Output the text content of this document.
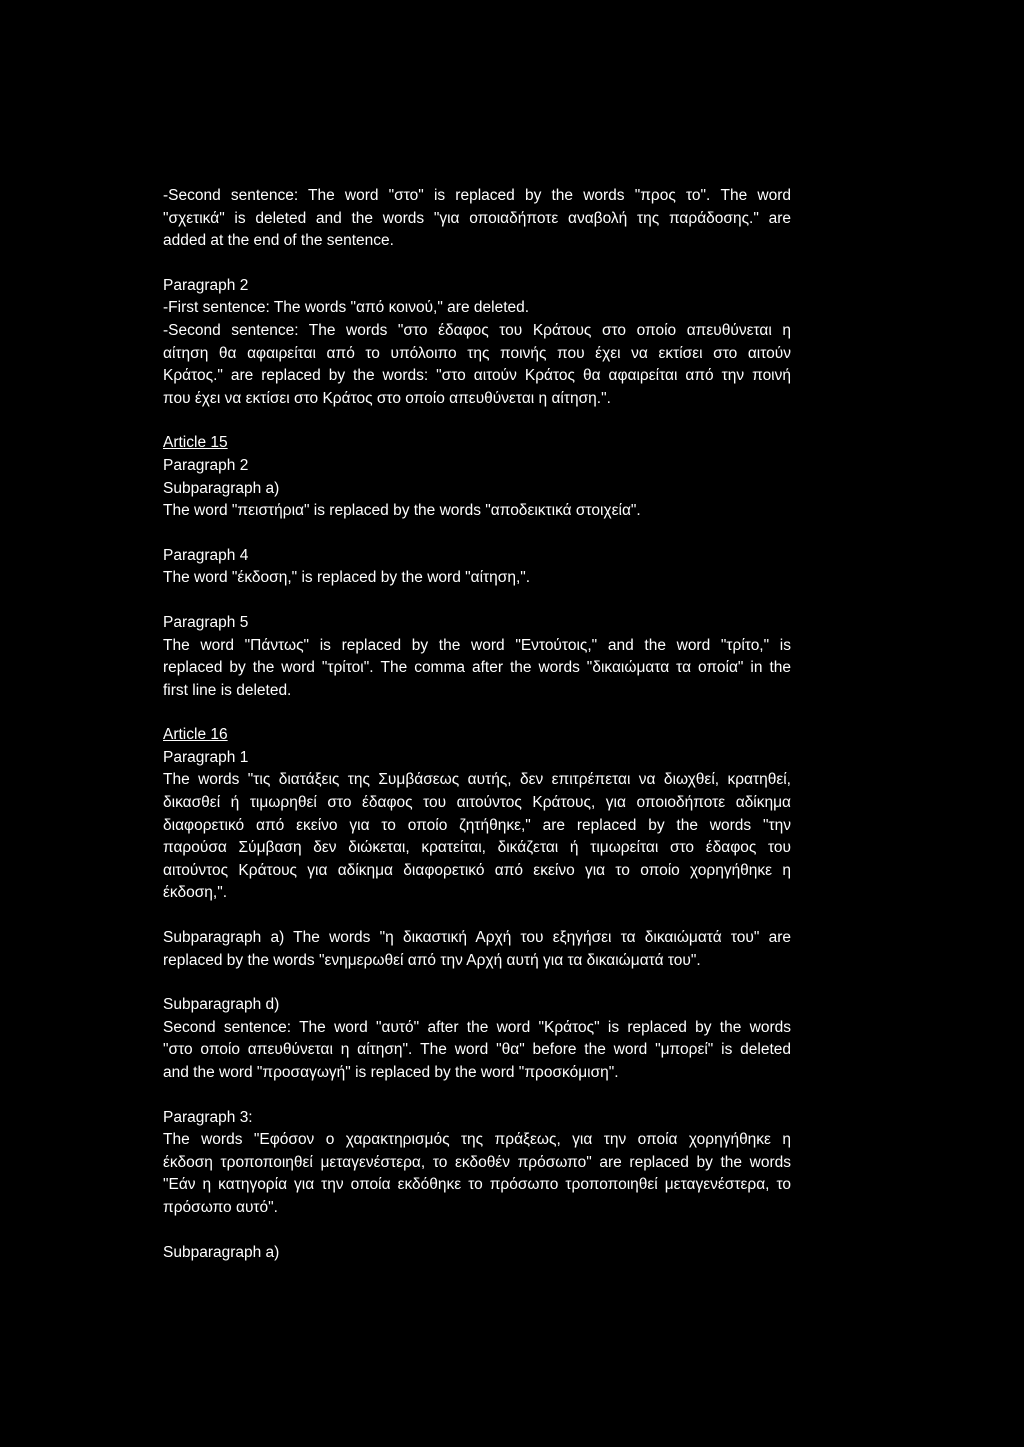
-Second sentence: The word "στο" is replaced by the words "προς το". The word
"σχετικά" is deleted and the words "για οποιαδήποτε αναβολή της παράδοσης." are
added at the end of the sentence.
Paragraph 2
-First sentence: The words "από κοινού," are deleted.
-Second sentence: The words "στο έδαφος του Κράτους στο οποίο απευθύνεται η
αίτηση θα αφαιρείται από το υπόλοιπο της ποινής που έχει να εκτίσει στο αιτούν
Κράτος." are replaced by the words: "στο αιτούν Κράτος θα αφαιρείται από την ποινή
που έχει να εκτίσει στο Κράτος στο οποίο απευθύνεται η αίτηση.".
Article 15
Paragraph 2
Subparagraph a)
The word "πειστήρια" is replaced by the words "αποδεικτικά στοιχεία".
Paragraph 4
The word "έκδοση," is replaced by the word "αίτηση,".
Paragraph 5
The word "Πάντως" is replaced by the word "Εντούτοις," and the word "τρίτο," is
replaced by the word "τρίτοι". The comma after the words "δικαιώματα τα οποία" in the
first line is deleted.
Article 16
Paragraph 1
The words "τις διατάξεις της Συμβάσεως αυτής, δεν επιτρέπεται να διωχθεί, κρατηθεί,
δικασθεί ή τιμωρηθεί στο έδαφος του αιτούντος Κράτους, για οποιοδήποτε αδίκημα
διαφορετικό από εκείνο για το οποίο ζητήθηκε," are replaced by the words "την
παρούσα Σύμβαση δεν διώκεται, κρατείται, δικάζεται ή τιμωρείται στο έδαφος του
αιτούντος Κράτους για αδίκημα διαφορετικό από εκείνο για το οποίο χορηγήθηκε η
έκδοση,".
Subparagraph a) The words "η δικαστική Αρχή του εξηγήσει τα δικαιώματά του" are
replaced by the words "ενημερωθεί από την Αρχή αυτή για τα δικαιώματά του".
Subparagraph d)
Second sentence: The word "αυτό" after the word "Κράτος" is replaced by the words
"στο οποίο απευθύνεται η αίτηση". The word "θα" before the word "μπορεί" is deleted
and the word "προσαγωγή" is replaced by the word "προσκόμιση".
Paragraph 3:
The words "Εφόσον ο χαρακτηρισμός της πράξεως, για την οποία χορηγήθηκε η
έκδοση τροποποιηθεί μεταγενέστερα, το εκδοθέν πρόσωπο" are replaced by the words
"Εάν η κατηγορία για την οποία εκδόθηκε το πρόσωπο τροποποιηθεί μεταγενέστερα, το
πρόσωπο αυτό".
Subparagraph a)
